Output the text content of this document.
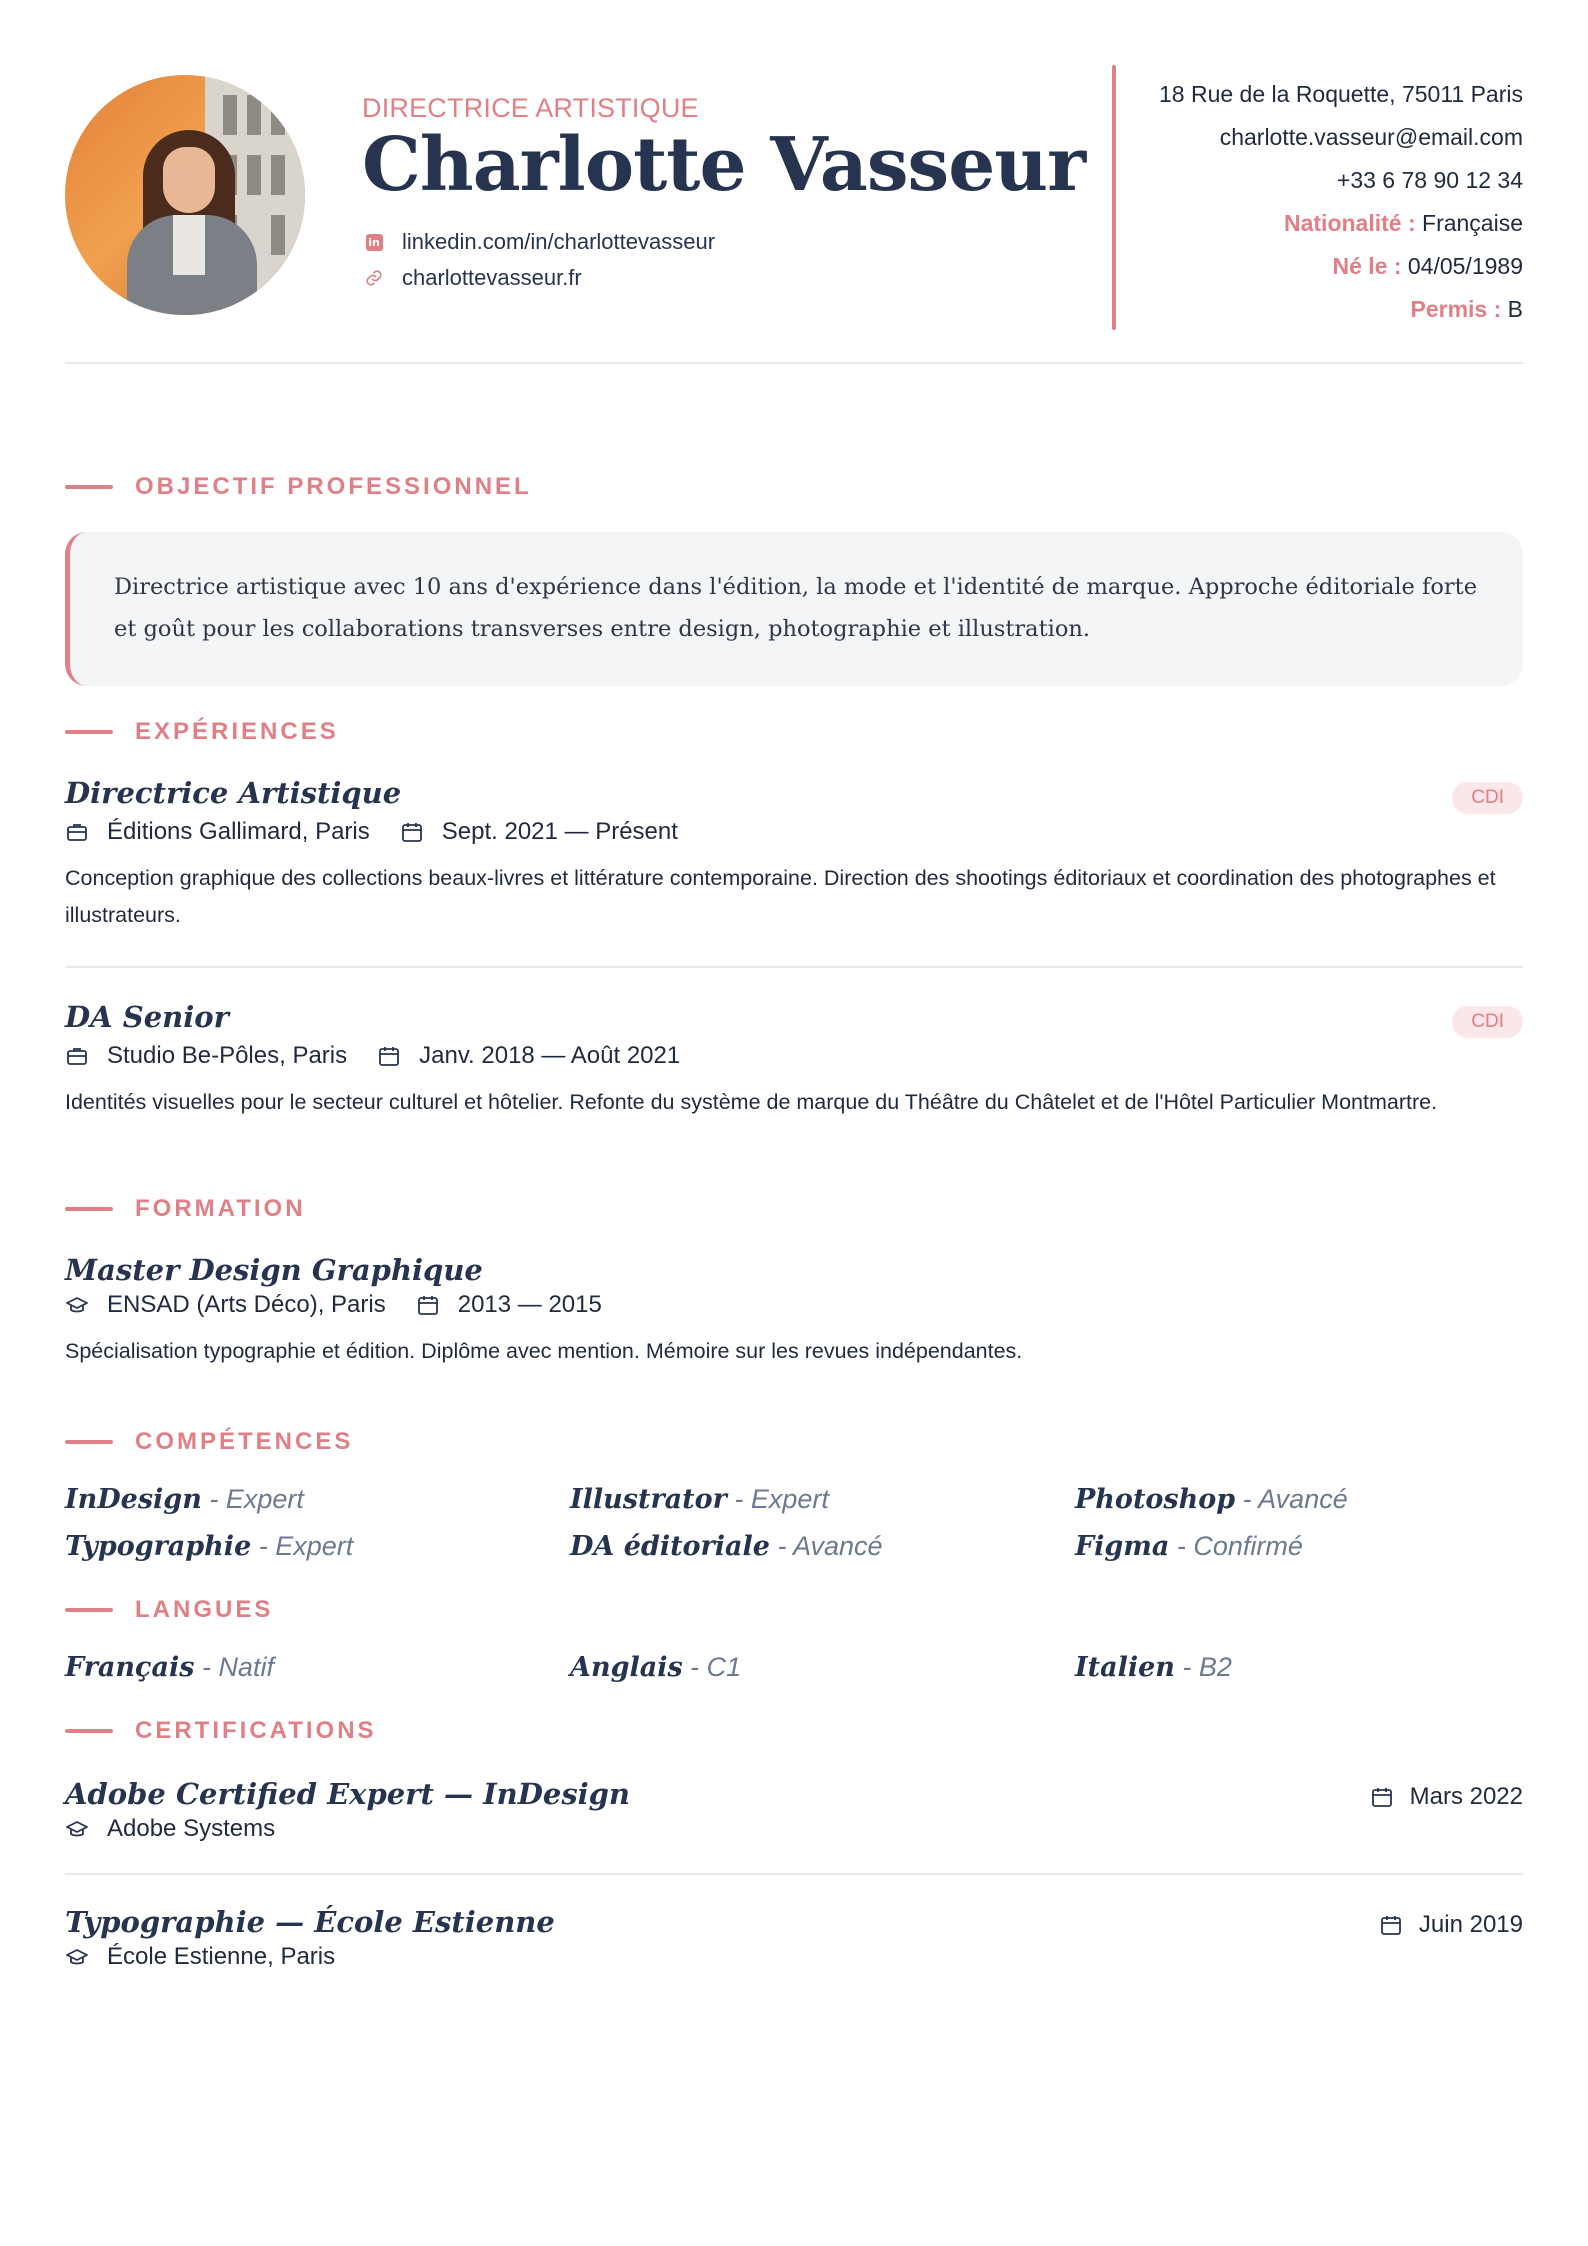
DIRECTRICE ARTISTIQUE
Charlotte Vasseur
in linkedin.com/in/charlottevasseur
charlottevasseur.fr
18 Rue de la Roquette, 75011 Paris
charlotte.vasseur@email.com
+33 6 78 90 12 34
Nationalité : Française
Né le : 04/05/1989
Permis : B
OBJECTIF PROFESSIONNEL
Directrice artistique avec 10 ans d'expérience dans l'édition, la mode et l'identité de marque. Approche éditoriale forte et goût pour les collaborations transverses entre design, photographie et illustration.
EXPÉRIENCES
Directrice Artistique	CDI
Éditions Gallimard, Paris	Sept. 2021 — Présent
Conception graphique des collections beaux-livres et littérature contemporaine. Direction des shootings éditoriaux et coordination des photographes et illustrateurs.
DA Senior	CDI
Studio Be-Pôles, Paris	Janv. 2018 — Août 2021
Identités visuelles pour le secteur culturel et hôtelier. Refonte du système de marque du Théâtre du Châtelet et de l'Hôtel Particulier Montmartre.
FORMATION
Master Design Graphique
ENSAD (Arts Déco), Paris	2013 — 2015
Spécialisation typographie et édition. Diplôme avec mention. Mémoire sur les revues indépendantes.
COMPÉTENCES
InDesign - Expert	Illustrator - Expert	Photoshop - Avancé
Typographie - Expert	DA éditoriale - Avancé	Figma - Confirmé
LANGUES
Français - Natif	Anglais - C1	Italien - B2
CERTIFICATIONS
Adobe Certified Expert — InDesign	Mars 2022
Adobe Systems
Typographie — École Estienne	Juin 2019
École Estienne, Paris
